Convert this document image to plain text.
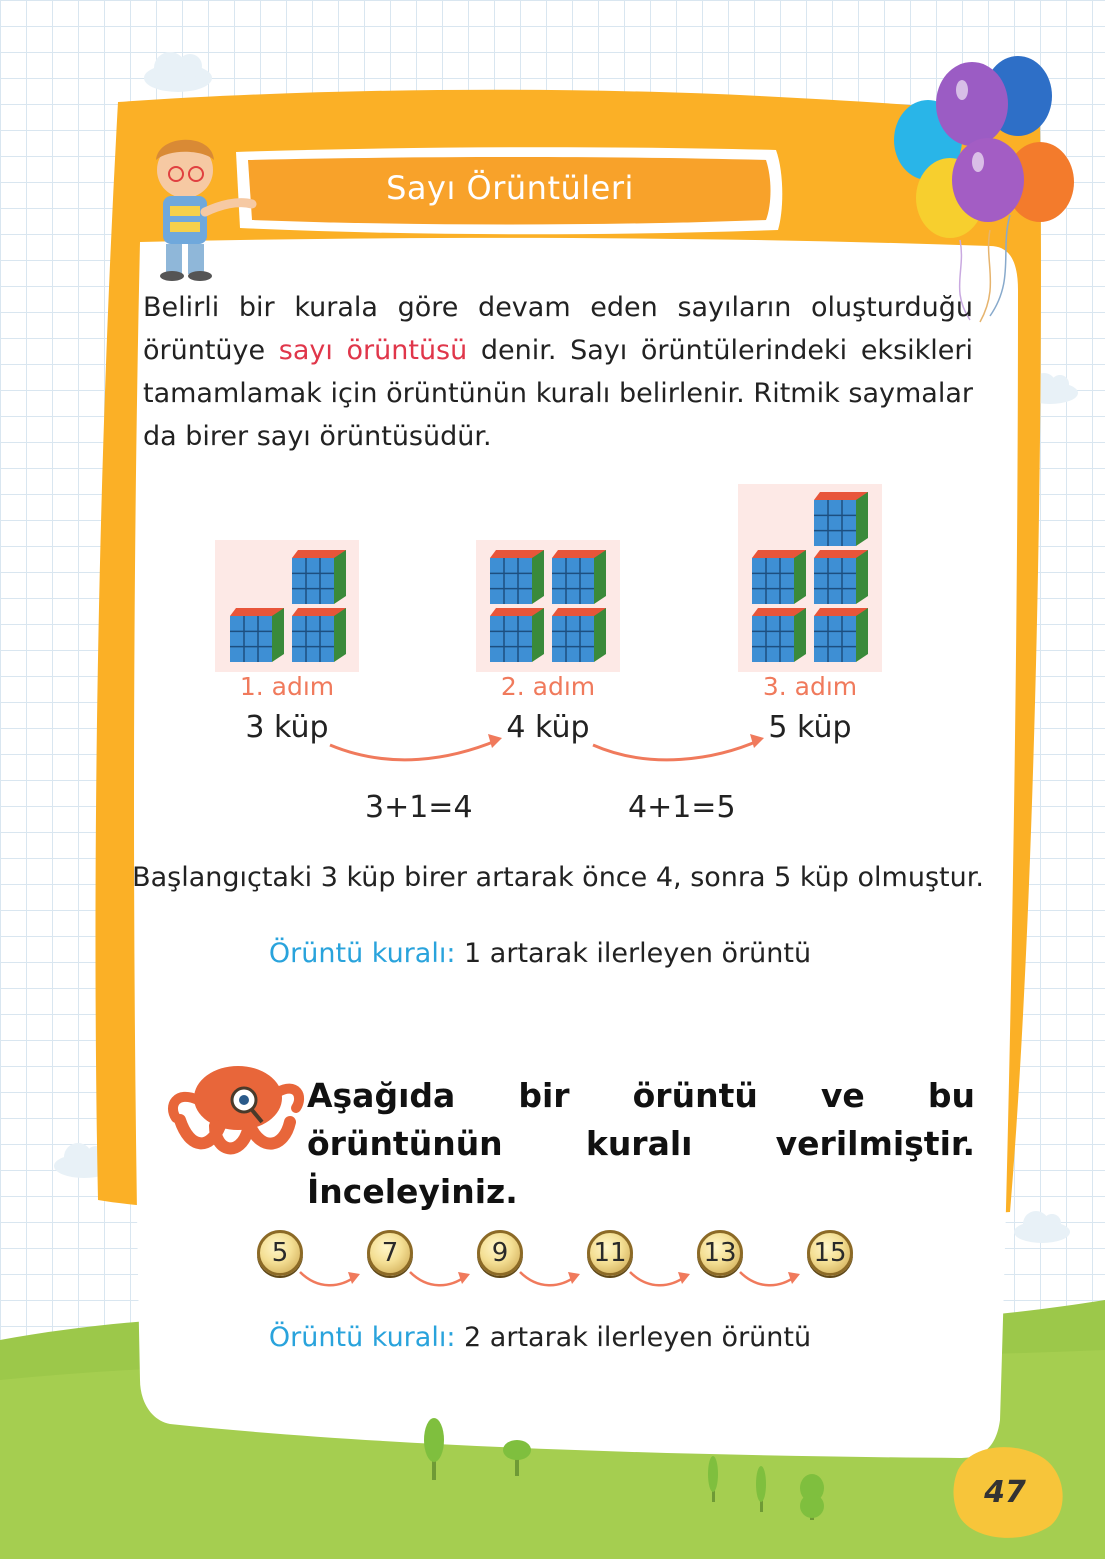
Sayı Örüntüleri

Belirli bir kurala göre devam eden sayıların oluşturduğu örüntüye sayı örüntüsü denir. Sayı örüntülerindeki eksikleri tamamlamak için örüntünün kuralı belirlenir. Ritmik saymalar da birer sayı örüntüsüdür.

1. adım	2. adım	3. adım
3 küp	4 küp	5 küp
3+1=4	4+1=5
Başlangıçtaki 3 küp birer artarak önce 4, sonra 5 küp olmuştur.
Örüntü kuralı: 1 artarak ilerleyen örüntü
Aşağıda bir örüntü ve bu örüntünün kuralı verilmiştir. İnceleyiniz.
5	7	9	11	13	15
Örüntü kuralı: 2 artarak ilerleyen örüntü
47
